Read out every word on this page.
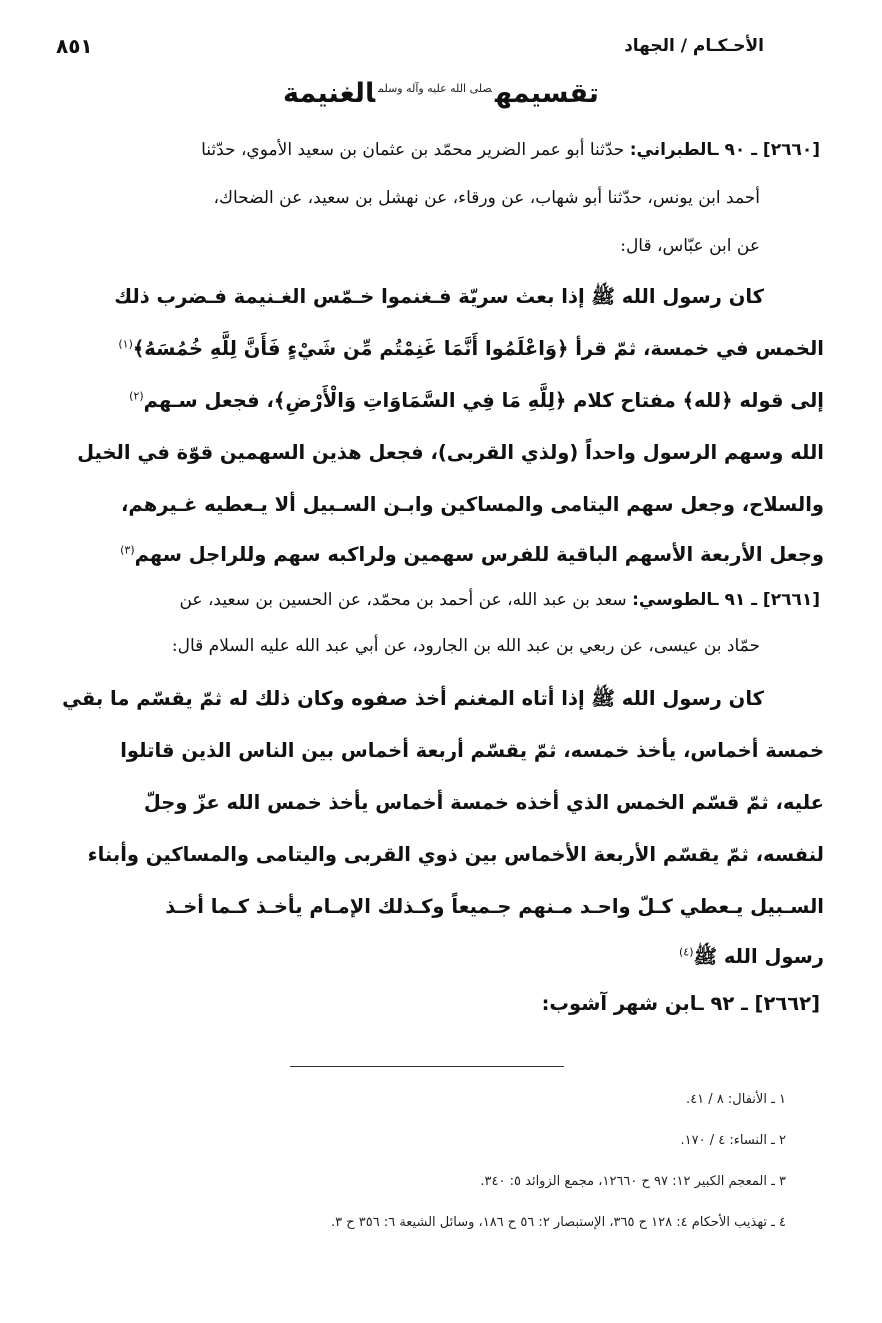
٨٥١	الأحـكـام / الجهاد
تقسيمه$^{صلى الله عليه وآله وسلم}$الغنيمة
[٢٦٦٠] ـ ٩٠ ـالطبراني: حدّثنا أبو عمر الضرير محمّد بن عثمان بن سعيد الأموي، حدّثنا
أحمد ابن يونس، حدّثنا أبو شهاب، عن ورقاء، عن نهشل بن سعيد، عن الضحاك،
عن ابن عبّاس، قال:
كان رسول الله ﷺ إذا بعث سريّة فـغنموا خـمّس الغـنيمة فـضرب ذلك
الخمس في خمسة، ثمّ قرأ ﴿وَاعْلَمُوا أَنَّمَا غَنِمْتُم مِّن شَيْءٍ فَأَنَّ لِلَّهِ خُمُسَهُ﴾$^{(١)}$
إلى قوله ﴿لله﴾ مفتاح كلام ﴿لِلَّهِ مَا فِي السَّمَاوَاتِ وَالْأَرْضِ﴾، فجعل سـهم$^{(٢)}$
الله وسهم الرسول واحداً (ولذي القربى)، فجعل هذين السهمين قوّة في الخيل
والسلاح، وجعل سهم اليتامى والمساكين وابـن السـبيل ألا يـعطيه غـيرهم،
وجعل الأربعة الأسهم الباقية للفرس سهمين ولراكبه سهم وللراجل سهم$^{(٣)}$
[٢٦٦١] ـ ٩١ ـالطوسي: سعد بن عبد الله، عن أحمد بن محمّد، عن الحسين بن سعيد، عن
حمّاد بن عيسى، عن ربعي بن عبد الله بن الجارود، عن أبي عبد الله عليه السلام قال:
كان رسول الله ﷺ إذا أتاه المغنم أخذ صفوه وكان ذلك له ثمّ يقسّم ما بقي
خمسة أخماس، يأخذ خمسه، ثمّ يقسّم أربعة أخماس بين الناس الذين قاتلوا
عليه، ثمّ قسّم الخمس الذي أخذه خمسة أخماس يأخذ خمس الله عزّ وجلّ
لنفسه، ثمّ يقسّم الأربعة الأخماس بين ذوي القربى واليتامى والمساكين وأبناء
السـبيل يـعطي كـلّ واحـد مـنهم جـميعاً وكـذلك الإمـام يأخـذ كـما أخـذ
رسول الله ﷺ$^{(٤)}$
[٢٦٦٢] ـ ٩٢ ـابن شهر آشوب:
١ ـ الأنفال: ٨ / ٤١.
٢ ـ النساء: ٤ / ١٧٠.
٣ ـ المعجم الكبير ١٢: ٩٧ ح ١٢٦٦٠، مجمع الزوائد ٥: ٣٤٠.
٤ ـ تهذيب الأحكام ٤: ١٢٨ ح ٣٦٥، الإستبصار ٢: ٥٦ ح ١٨٦، وسائل الشيعة ٦: ٣٥٦ ح ٣.
